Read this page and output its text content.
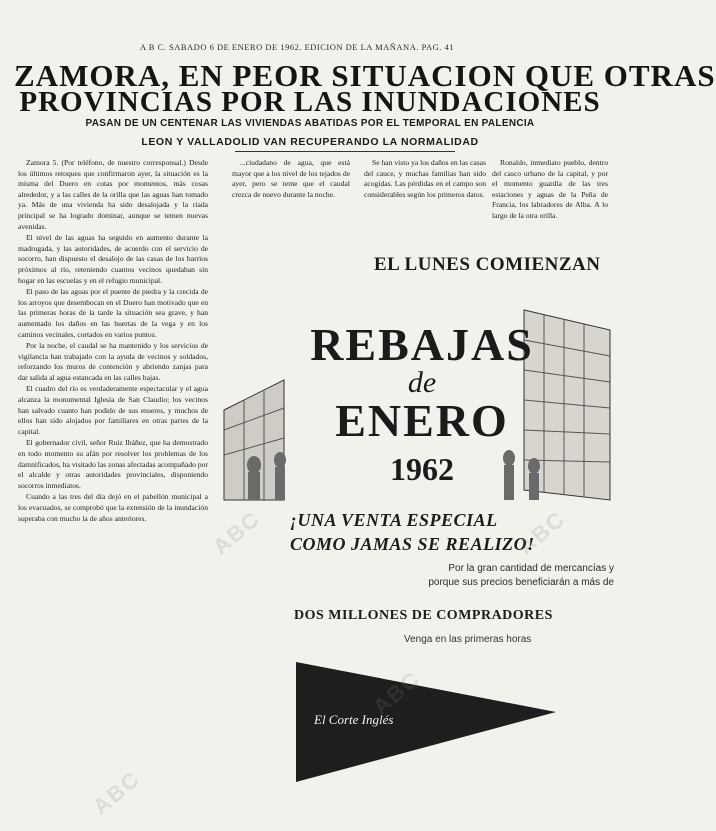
A B C. SABADO 6 DE ENERO DE 1962. EDICION DE LA MAÑANA. PAG. 41
ZAMORA, EN PEOR SITUACION QUE OTRAS
PROVINCIAS POR LAS INUNDACIONES
PASAN DE UN CENTENAR LAS VIVIENDAS ABATIDAS POR EL TEMPORAL EN PALENCIA
LEON Y VALLADOLID VAN RECUPERANDO LA NORMALIDAD

Zamora 5. (Por teléfono, de nuestro corresponsal.) Desde los últimos retoques que confirmaron ayer, la situación es la misma del Duero en cotas por momentos, más cosas alrededor, y a las calles de la orilla que las aguas han tomado ya. Más de una vivienda ha sido desalojada y la riada principal se ha logrado dominar, aunque se temen nuevas avenidas.

El nivel de las aguas ha seguido en aumento durante la madrugada, y las autoridades, de acuerdo con el servicio de socorro, han dispuesto el desalojo de las casas de los barrios próximos al río, reteniendo cuantos vecinos quedaban sin hogar en las escuelas y en el refugio municipal.

El paso de las aguas por el puente de piedra y la crecida de los arroyos que desembocan en el Duero han motivado que en las primeras horas de la tarde la situación sea grave, y han aumentado los daños en las huertas de la vega y en los caminos vecinales, cortados en varios puntos.

Por la noche, el caudal se ha mantenido y los servicios de vigilancia han trabajado con la ayuda de vecinos y soldados, reforzando los muros de contención y abriendo zanjas para dar salida al agua estancada en las calles bajas.

El cuadro del río es verdaderamente espectacular y el agua alcanza la monumental Iglesia de San Claudio; los vecinos han salvado cuanto han podido de sus enseres, y muchos de ellos han sido alojados por familiares en otras partes de la capital.

El gobernador civil, señor Ruiz Ibáñez, que ha demostrado en todo momento su afán por resolver los problemas de los damnificados, ha visitado las zonas afectadas acompañado por el alcalde y otras autoridades provinciales, disponiendo socorros inmediatos.

Cuando a las tres del día dejó en el pabellón municipal a los evacuados, se comprobó que la extensión de la inundación superaba con mucho la de años anteriores.

...ciudadano de agua, que está mayor que a los nivel de los tejados de ayer, pero se teme que el caudal crezca de nuevo durante la noche.

Se han visto ya los daños en las casas del cauce, y muchas familias han sido acogidas. Las pérdidas en el campo son considerables según los primeros datos.

Ronaldo, inmediato pueblo, dentro del casco urbano de la capital, y por el momento guardia de las tres estaciones y aguas de la Peña de Francia, los labradores de Alba. A lo largo de la otra orilla.

EL LUNES COMIENZAN
REBAJAS
de
ENERO
1962
¡UNA VENTA ESPECIAL
COMO JAMAS SE REALIZO!
Por la gran cantidad de mercancías y
porque sus precios beneficiarán a más de
DOS MILLONES DE COMPRADORES
Venga en las primeras horas
El Corte Inglés
ABC	ABC
ABC
